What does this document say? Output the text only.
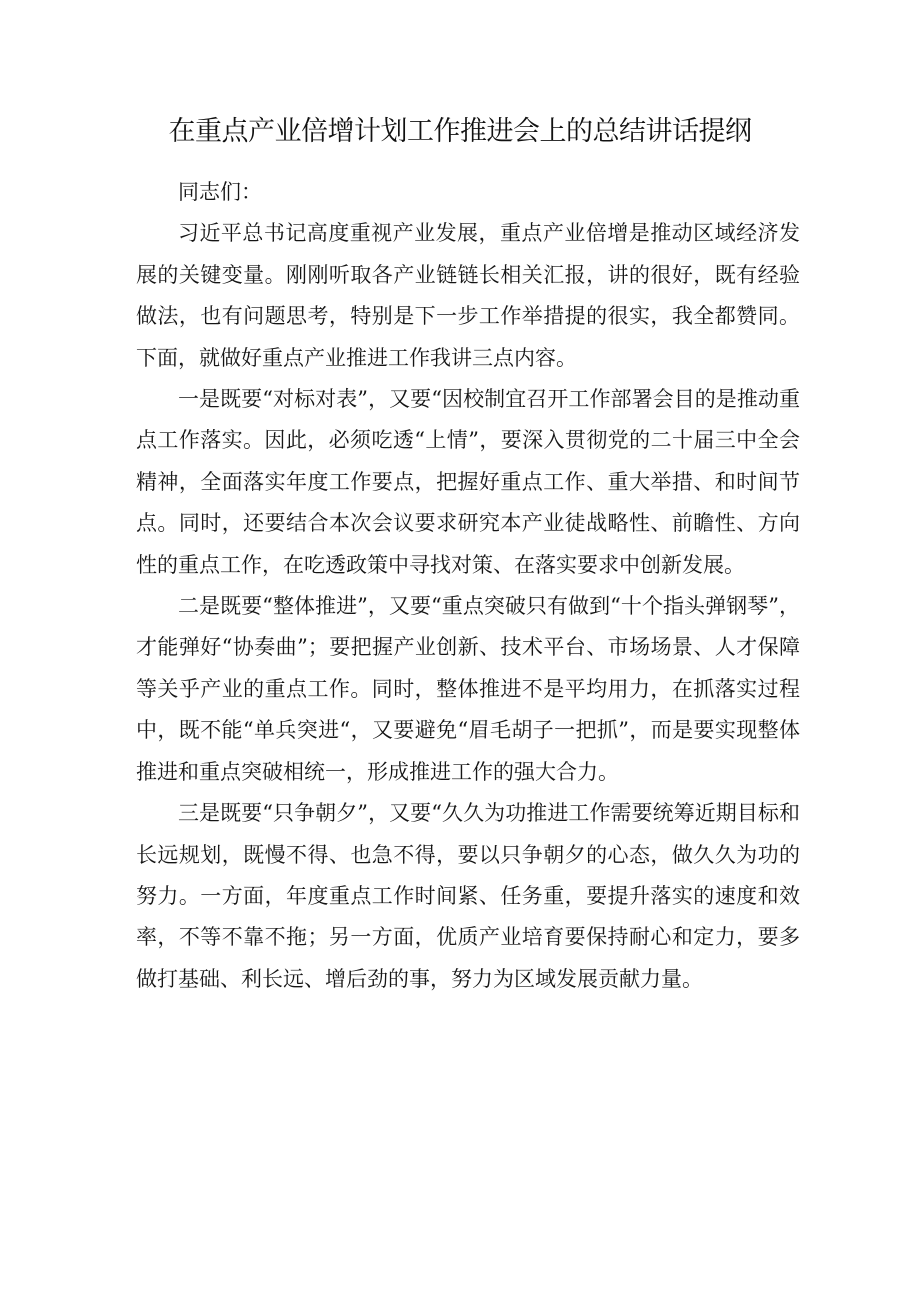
在重点产业倍增计划工作推进会上的总结讲话提纲

同志们：

习近平总书记高度重视产业发展，重点产业倍增是推动区域经济发展的关键变量。刚刚听取各产业链链长相关汇报，讲的很好，既有经验做法，也有问题思考，特别是下一步工作举措提的很实，我全都赞同。下面，就做好重点产业推进工作我讲三点内容。

一是既要“对标对表”，又要“因校制宜召开工作部署会目的是推动重点工作落实。因此，必须吃透“上情”，要深入贯彻党的二十届三中全会精神，全面落实年度工作要点，把握好重点工作、重大举措、和时间节点。同时，还要结合本次会议要求研究本产业徒战略性、前瞻性、方向性的重点工作，在吃透政策中寻找对策、在落实要求中创新发展。

二是既要“整体推进”，又要“重点突破只有做到“十个指头弹钢琴”，才能弹好“协奏曲”；要把握产业创新、技术平台、市场场景、人才保障等关乎产业的重点工作。同时，整体推进不是平均用力，在抓落实过程中，既不能“单兵突进“，又要避免“眉毛胡子一把抓”，而是要实现整体推进和重点突破相统一，形成推进工作的强大合力。

三是既要“只争朝夕”，又要“久久为功推进工作需要统筹近期目标和长远规划，既慢不得、也急不得，要以只争朝夕的心态，做久久为功的努力。一方面，年度重点工作时间紧、任务重，要提升落实的速度和效率，不等不靠不拖；另一方面，优质产业培育要保持耐心和定力，要多做打基础、利长远、增后劲的事，努力为区域发展贡献力量。
